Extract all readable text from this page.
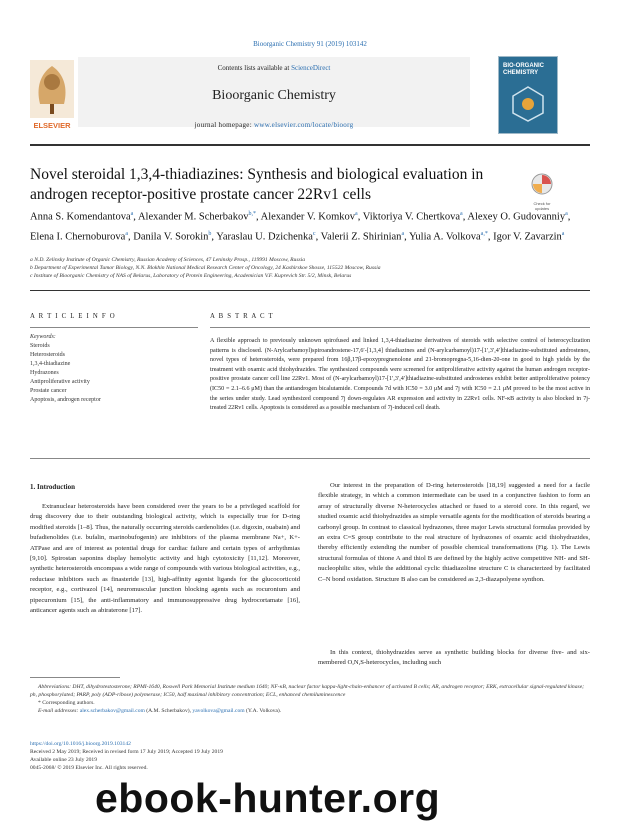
Bioorganic Chemistry 91 (2019) 103142
ELSEVIER
Contents lists available at ScienceDirect
Bioorganic Chemistry
journal homepage: www.elsevier.com/locate/bioorg
BIO-ORGANIC CHEMISTRY
Novel steroidal 1,3,4-thiadiazines: Synthesis and biological evaluation in androgen receptor-positive prostate cancer 22Rv1 cells
Check for updates
Anna S. Komendantova$^a$, Alexander M. Scherbakov$^{b,*}$, Alexander V. Komkov$^a$, Viktoriya V. Chertkova$^a$, Alexey O. Gudovanniy$^a$, Elena I. Chernoburova$^a$, Danila V. Sorokin$^b$, Yaraslau U. Dzichenka$^c$, Valerii Z. Shirinian$^a$, Yulia A. Volkova$^{a,*}$, Igor V. Zavarzin$^a$
a N.D. Zelinsky Institute of Organic Chemistry, Russian Academy of Sciences, 47 Leninsky Prosp., 119991 Moscow, Russia
b Department of Experimental Tumor Biology, N.N. Blokhin National Medical Research Center of Oncology, 24 Kashirskoe Shosse, 115522 Moscow, Russia
c Institute of Bioorganic Chemistry of NAS of Belarus, Laboratory of Protein Engineering, Academician V.F. Kuprevich Str. 5/2, Minsk, Belarus
A R T I C L E I N F O
Keywords:
Steroids
Heterosteroids
1,3,4-thiadiazine
Hydrazones
Antiproliferative activity
Prostate cancer
Apoptosis, androgen receptor
A B S T R A C T
A flexible approach to previously unknown spirofused and linked 1,3,4-thiadiazine derivatives of steroids with selective control of heterocyclization patterns is disclosed. (N-Arylcarbamoyl)spiroandrostene-17,6′-[1,3,4] thiadiazines and (N-arylcarbamoyl)17-[1′,3′,4′]thiadiazine-substituted androstenes, novel types of heterosteroids, were prepared from 16β,17β-epoxypregnenolone and 21-bromopregna-5,16-dien-20-one in good to high yields by the treatment with oxamic acid thiohydrazides. The synthesized compounds were screened for antiproliferative activity against the human androgen receptor-positive prostate cancer cell line 22Rv1. Most of (N-arylcarbamoyl)17-[1′,3′,4′]thiadiazine-substituted androstenes exhibit better antiproliferative potency (IC50 = 2.1–6.6 μM) than the antiandrogen bicalutamide. Compounds 7d with IC50 = 3.0 μM and 7j with IC50 = 2.1 μM proved to be the most active in the series under study. Lead synthesized compound 7j down-regulates AR expression and activity in 22Rv1 cells. NF-κB activity is also blocked in 7j-treated 22Rv1 cells. Apoptosis is considered as a possible mechanism of 7j-induced cell death.
1. Introduction
Extranuclear heterosteroids have been considered over the years to be a privileged scaffold for drug discovery due to their outstanding biological activity, which is especially true for D-ring modified steroids [1–8]. Thus, the naturally occurring steroids cardenolides (i.e. digoxin, ouabain) and bufadienolides (i.e. bufalin, marinobufogenin) are inhibitors of the plasma membrane Na+, K+-ATPase and are of interest as potential drugs for cardiac failure and certain types of arrhythmias [9,10]. Spirostan saponins display hemolytic activity and high cytotoxicity [11,12]. Moreover, synthetic heterosteroids encompass a wide range of compounds with various biological activities, e.g., reductase inhibitors such as finasteride [13], high-affinity agonist ligands for the glucocorticoid receptor, e.g., cortivazol [14], neuromuscular junction blocking agents such as rocuronium and pipecuronium [15], the anti-inflammatory and immunosuppressive drug hydrocortamate [16], anticancer agents such as abiraterone [17].
Our interest in the preparation of D-ring heterosteroids [18,19] suggested a need for a facile flexible strategy, in which a common intermediate can be used in a conjunctive fashion to form an array of structurally diverse N-heterocycles attached or fused to a steroid core. In this regard, we studied oxamic acid thiohydrazides as simple versatile agents for the modification of steroids bearing a carbonyl group. In contrast to classical hydrazones, three major Lewis structural formulas provided by an extra C=S group contribute to the real structure of hydrazones of oxamic acid thiohydrazides, thereby efficiently extending the number of possible chemical transformations (Fig. 1). The Lewis structural formulas of thione A and thiol B are defined by the highly active competitive NH- and SH-nucleophilic sites, while the additional cyclic thiadiazoline structure C is characterized by facilitated C–N bond oxidation. Structure B also can be considered as 2,3-diazapolyene synthon.
In this context, thiohydrazides serve as synthetic building blocks for diverse five- and six-membered O,N,S-heterocycles, including such
Abbreviations: DHT, dihydrotestosterone; RPMI-1640, Roswell Park Memorial Institute medium 1640; NF-κB, nuclear factor kappa-light-chain-enhancer of activated B cells; AR, androgen receptor; ERK, extracellular signal-regulated kinase; ph, phosphorylated; PARP, poly (ADP-ribose) polymerase; IC50, half maximal inhibitory concentration; ECL, enhanced chemiluminescence
* Corresponding authors.
E-mail addresses: alex.scherbakov@gmail.com (A.M. Scherbakov), yavolkova@gmail.com (Y.A. Volkova).
https://doi.org/10.1016/j.bioorg.2019.103142
Received 2 May 2019; Received in revised form 17 July 2019; Accepted 19 July 2019
Available online 23 July 2019
0045-2068/ © 2019 Elsevier Inc. All rights reserved.
ebook-hunter.org
